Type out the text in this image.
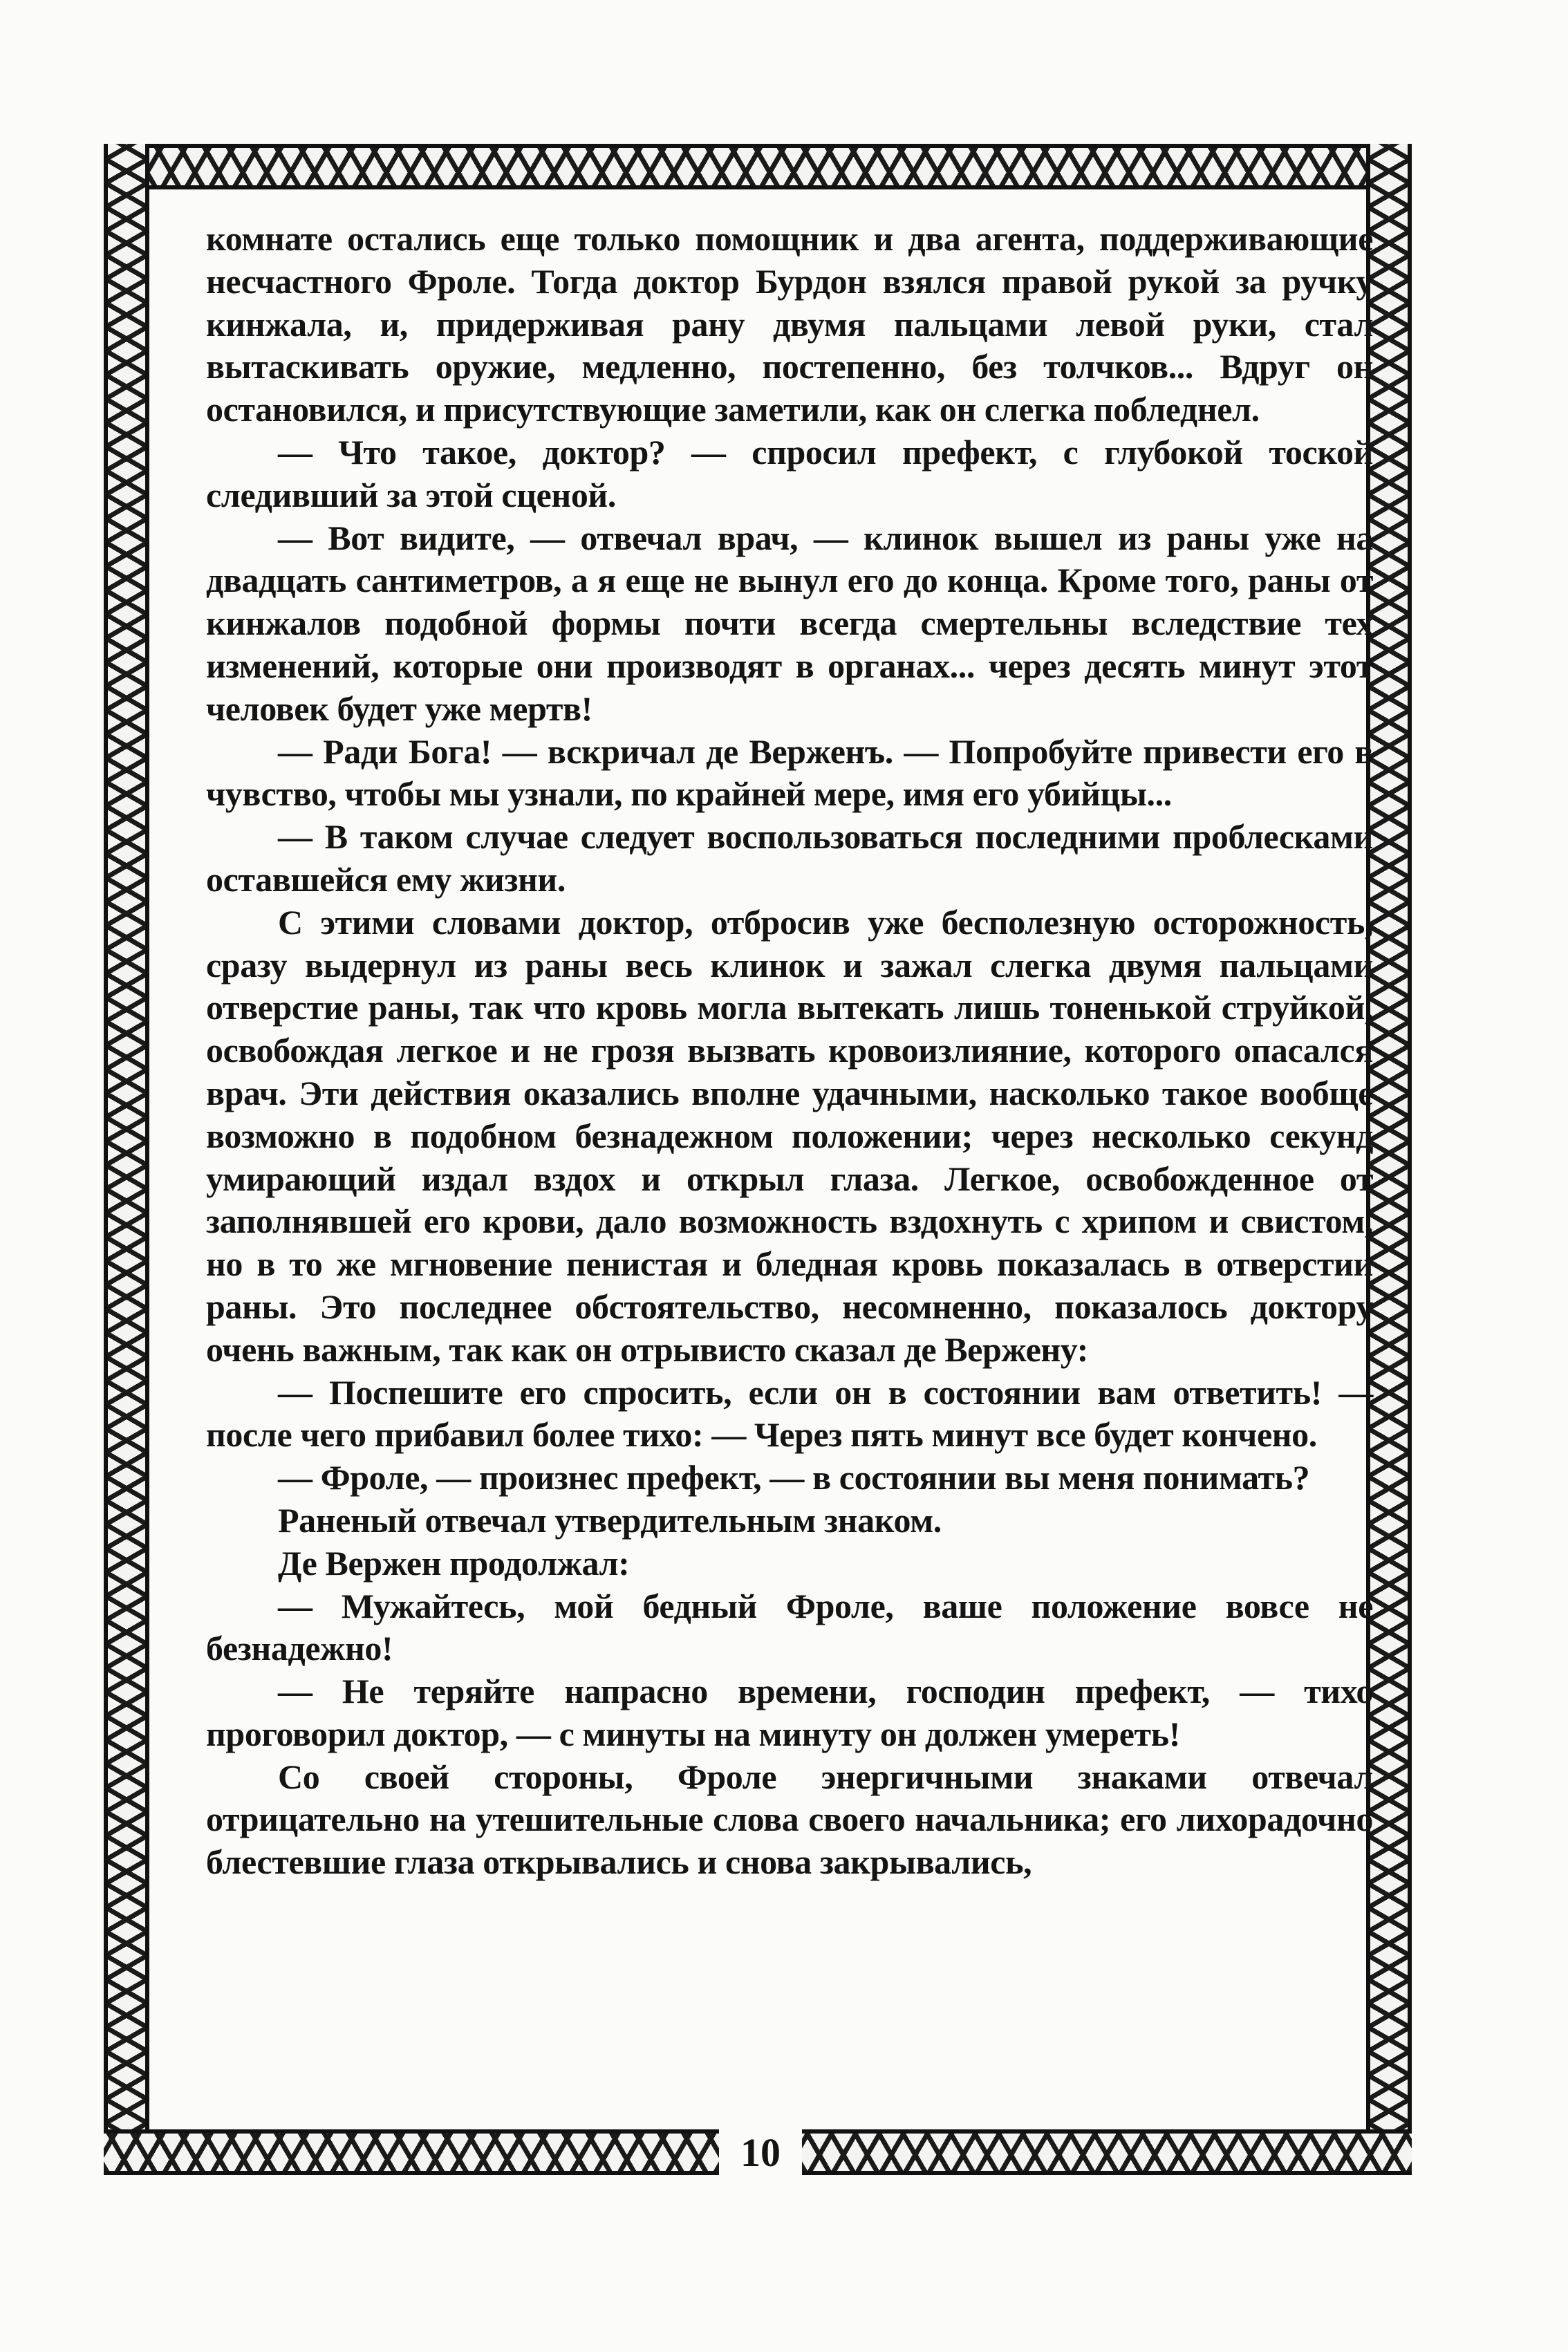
комнате остались еще только помощник и два агента, поддерживающие несчастного Фроле. Тогда доктор Бурдон взялся правой рукой за ручку кинжала, и, придерживая рану двумя пальцами левой руки, стал вытаскивать оружие, медленно, постепенно, без толчков... Вдруг он остановился, и присутствующие заметили, как он слегка побледнел.

— Что такое, доктор? — спросил префект, с глубокой тоской следивший за этой сценой.

— Вот видите, — отвечал врач, — клинок вышел из раны уже на двадцать сантиметров, а я еще не вынул его до конца. Кроме того, раны от кинжалов подобной формы почти всегда смертельны вследствие тех изменений, которые они производят в органах... через десять минут этот человек будет уже мертв!

— Ради Бога! — вскричал де Верженъ. — Попробуйте привести его в чувство, чтобы мы узнали, по крайней мере, имя его убийцы...

— В таком случае следует воспользоваться последними проблесками оставшейся ему жизни.

С этими словами доктор, отбросив уже бесполезную осторожность, сразу выдернул из раны весь клинок и зажал слегка двумя пальцами отверстие раны, так что кровь могла вытекать лишь тоненькой струйкой, освобождая легкое и не грозя вызвать кровоизлияние, которого опасался врач. Эти действия оказались вполне удачными, насколько такое вообще возможно в подобном безнадежном положении; через несколько секунд умирающий издал вздох и открыл глаза. Легкое, освобожденное от заполнявшей его крови, дало возможность вздохнуть с хрипом и свистом, но в то же мгновение пенистая и бледная кровь показалась в отверстии раны. Это последнее обстоятельство, несомненно, показалось доктору очень важным, так как он отрывисто сказал де Вержену:

— Поспешите его спросить, если он в состоянии вам ответить! — после чего прибавил более тихо: — Через пять минут все будет кончено.

— Фроле, — произнес префект, — в состоянии вы меня понимать?

Раненый отвечал утвердительным знаком.

Де Вержен продолжал:

— Мужайтесь, мой бедный Фроле, ваше положение вовсе не безнадежно!

— Не теряйте напрасно времени, господин префект, — тихо проговорил доктор, — с минуты на минуту он должен умереть!

Со своей стороны, Фроле энергичными знаками отвечал отрицательно на утешительные слова своего начальника; его лихорадочно блестевшие глаза открывались и снова закрывались,

10
